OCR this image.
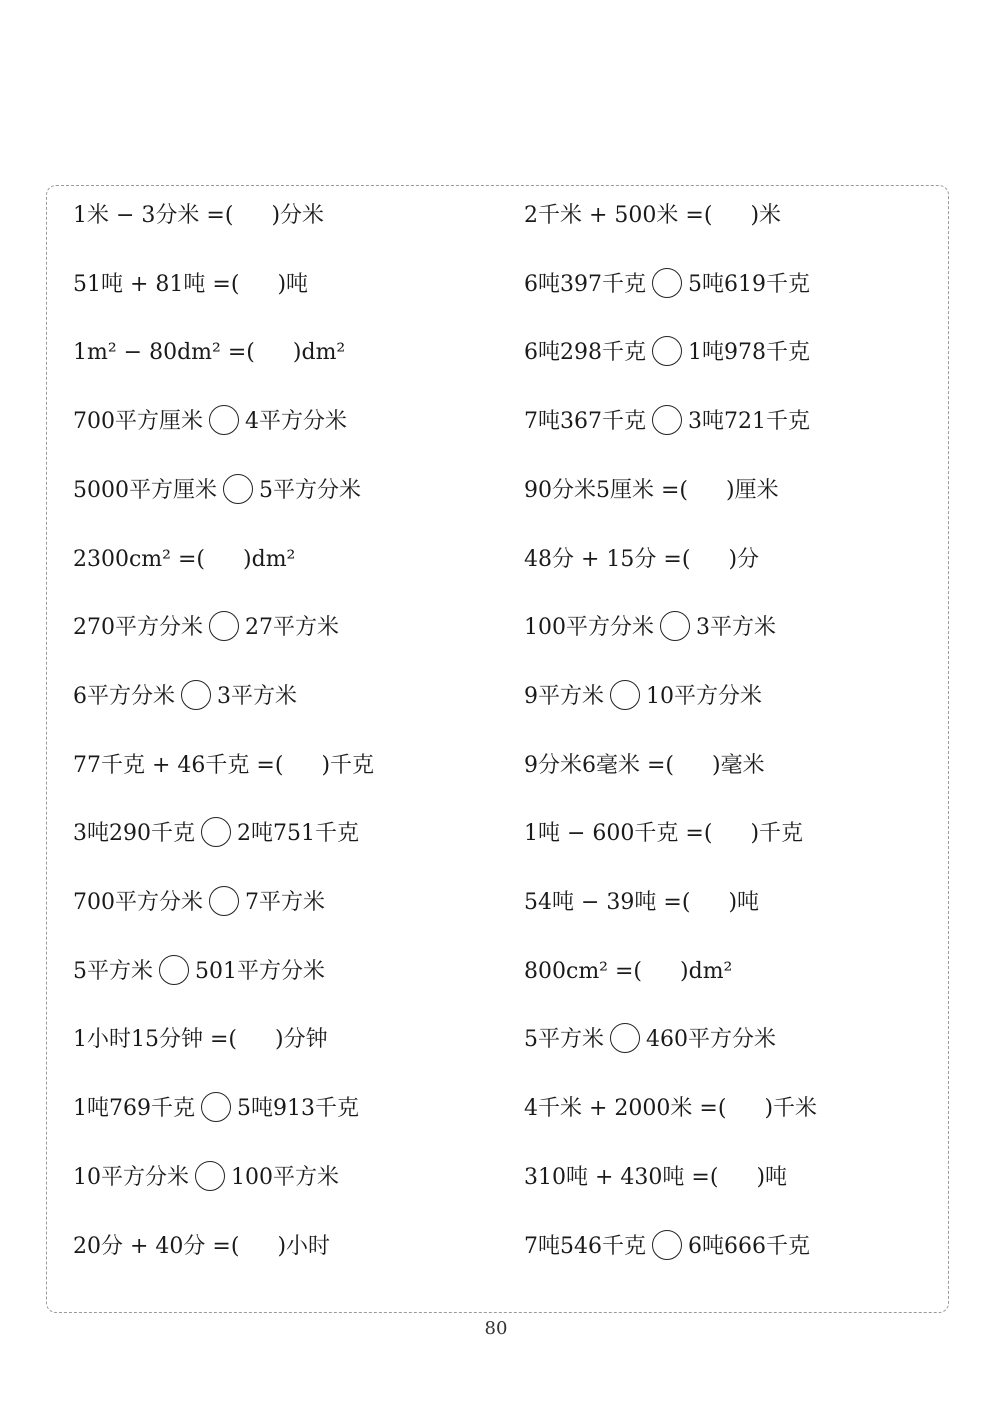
1米 − 3分米 =( )分米
51吨 + 81吨 =( )吨
1m² − 80dm² =( )dm²
700平方厘米 4平方分米
5000平方厘米 5平方分米
2300cm² =( )dm²
270平方分米 27平方米
6平方分米 3平方米
77千克 + 46千克 =( )千克
3吨290千克 2吨751千克
700平方分米 7平方米
5平方米 501平方分米
1小时15分钟 =( )分钟
1吨769千克 5吨913千克
10平方分米 100平方米
20分 + 40分 =( )小时
2千米 + 500米 =( )米
6吨397千克 5吨619千克
6吨298千克 1吨978千克
7吨367千克 3吨721千克
90分米5厘米 =( )厘米
48分 + 15分 =( )分
100平方分米 3平方米
9平方米 10平方分米
9分米6毫米 =( )毫米
1吨 − 600千克 =( )千克
54吨 − 39吨 =( )吨
800cm² =( )dm²
5平方米 460平方分米
4千米 + 2000米 =( )千米
310吨 + 430吨 =( )吨
7吨546千克 6吨666千克
80
